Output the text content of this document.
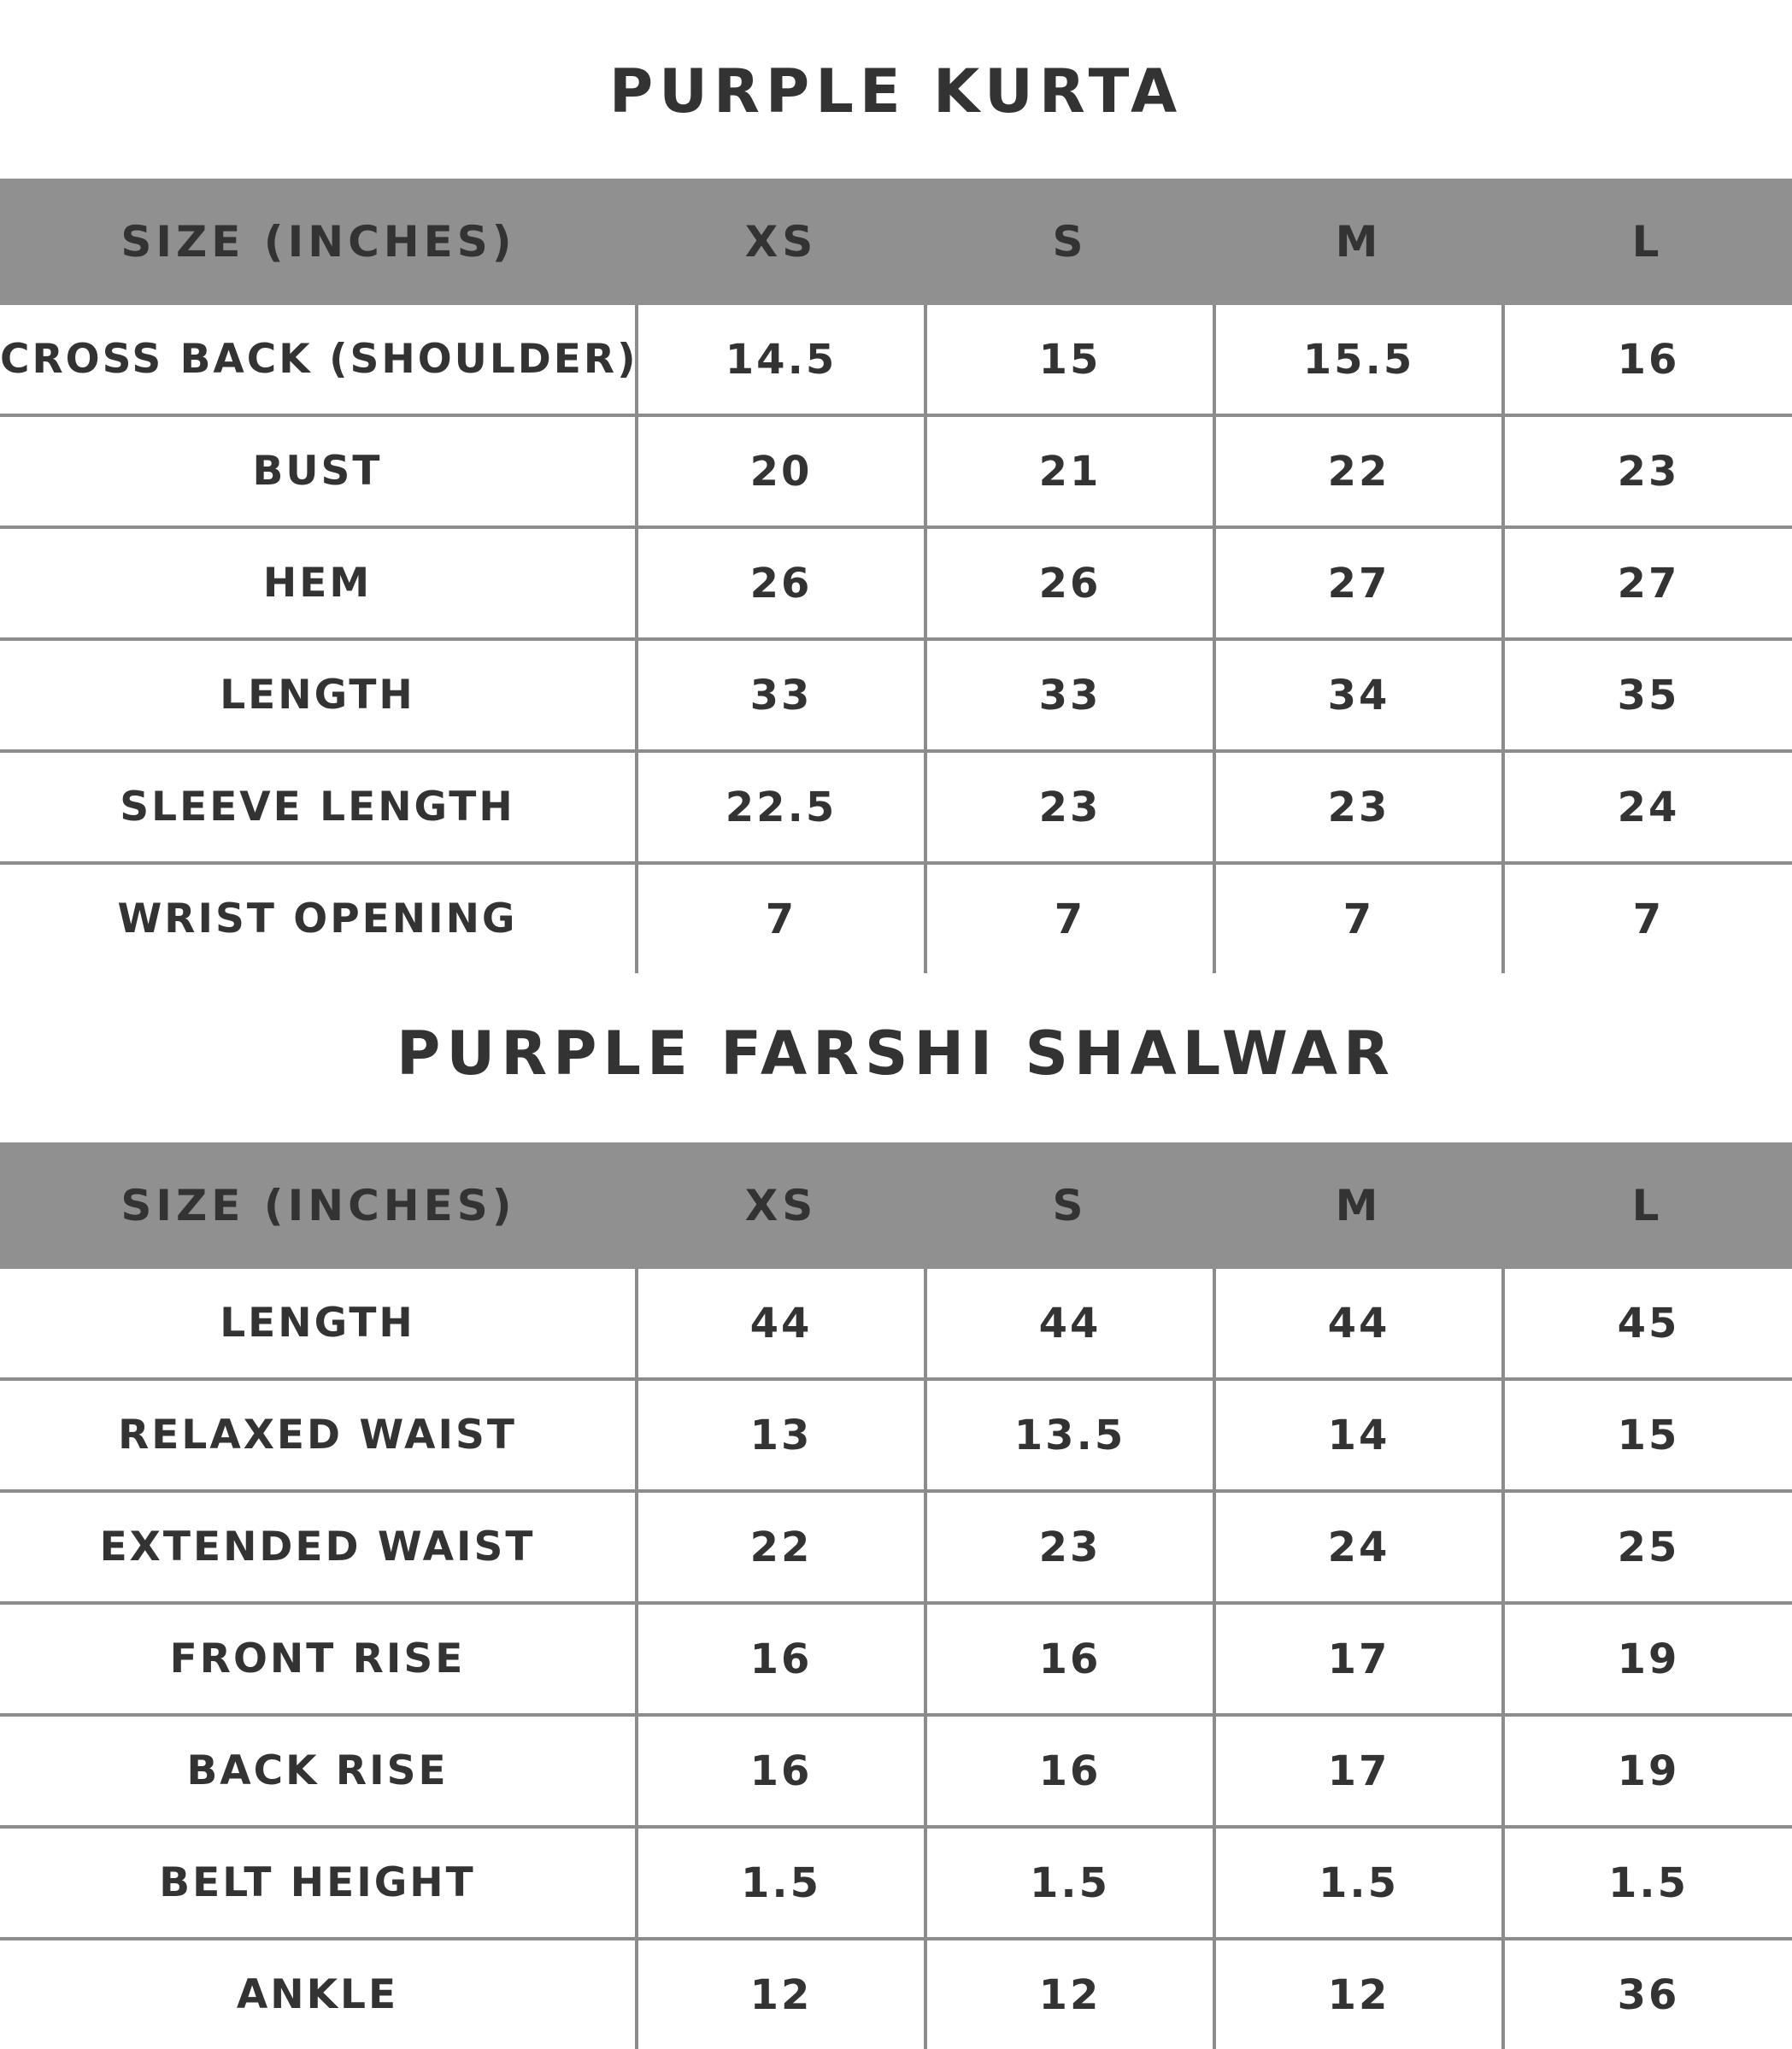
PURPLE KURTA
SIZE (INCHES)	XS	S	M	L
CROSS BACK (SHOULDER)	14.5	15	15.5	16
BUST	20	21	22	23
HEM	26	26	27	27
LENGTH	33	33	34	35
SLEEVE LENGTH	22.5	23	23	24
WRIST OPENING	7	7	7	7
PURPLE FARSHI SHALWAR
SIZE (INCHES)	XS	S	M	L
LENGTH	44	44	44	45
RELAXED WAIST	13	13.5	14	15
EXTENDED WAIST	22	23	24	25
FRONT RISE	16	16	17	19
BACK RISE	16	16	17	19
BELT HEIGHT	1.5	1.5	1.5	1.5
ANKLE	12	12	12	36
